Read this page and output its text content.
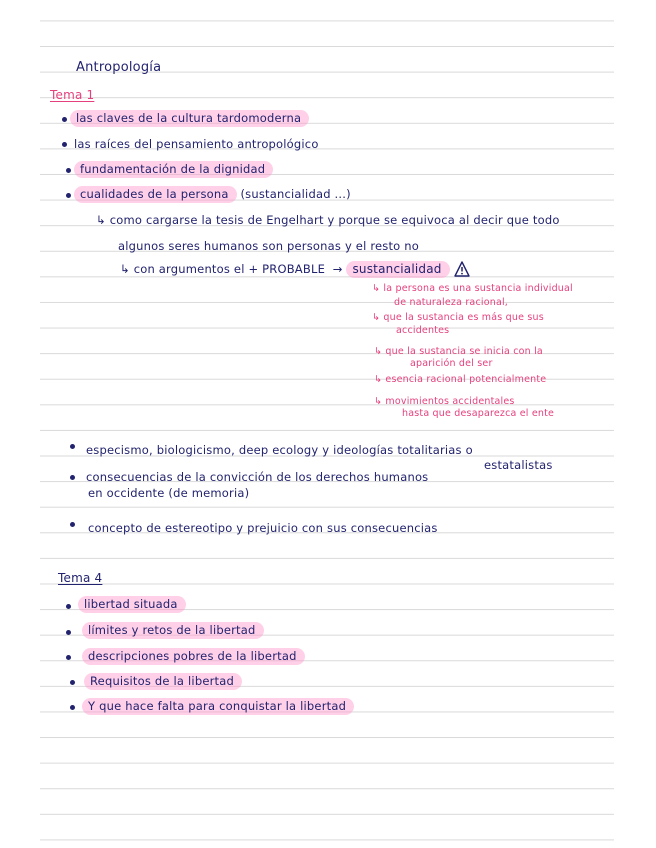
Antropología
Tema 1
las claves de la cultura tardomoderna
las raíces del pensamiento antropológico
fundamentación de la dignidad
cualidades de la persona (sustancialidad ...)
↳ como cargarse la tesis de Engelhart y porque se equivoca al decir que todo
algunos seres humanos son personas y el resto no
↳ con argumentos el + PROBABLE → sustancialidad
↳ la persona es una sustancia individual
de naturaleza racional,
↳ que la sustancia es más que sus
accidentes
↳ que la sustancia se inicia con la
aparición del ser
↳ esencia racional potencialmente
↳ movimientos accidentales
hasta que desaparezca el ente
especismo, biologicismo, deep ecology y ideologías totalitarias o
estatalistas
consecuencias de la convicción de los derechos humanos
en occidente (de memoria)
concepto de estereotipo y prejuicio con sus consecuencias
Tema 4
libertad situada
límites y retos de la libertad
descripciones pobres de la libertad
Requisitos de la libertad
Y que hace falta para conquistar la libertad
